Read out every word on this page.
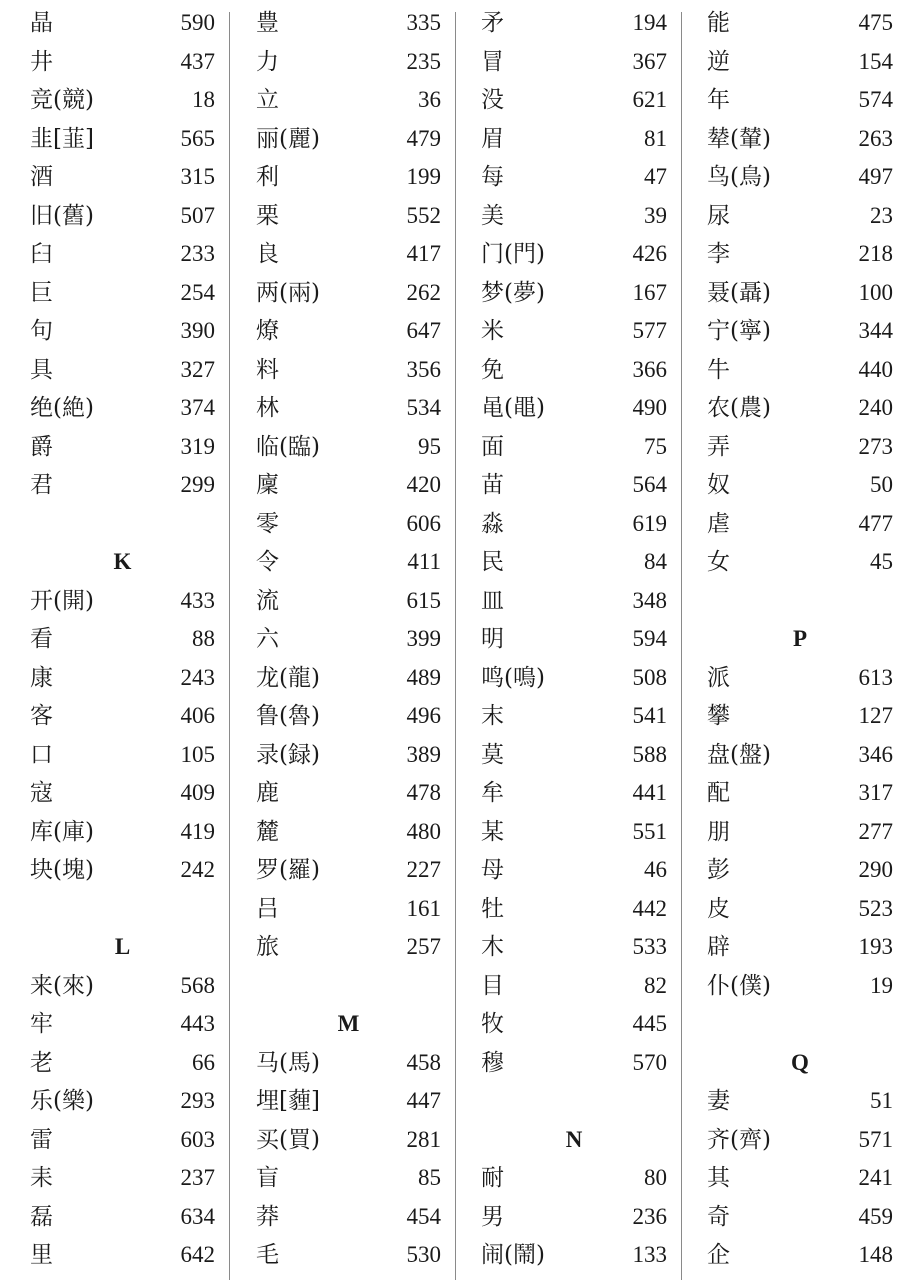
晶	590
井	437
竞(競)	18
韭[韮]	565
酒	315
旧(舊)	507
臼	233
巨	254
句	390
具	327
绝(絶)	374
爵	319
君	299
K
开(開)	433
看	88
康	243
客	406
口	105
寇	409
库(庫)	419
块(塊)	242
L
来(來)	568
牢	443
老	66
乐(樂)	293
雷	603
耒	237
磊	634
里	642
豊	335
力	235
立	36
丽(麗)	479
利	199
栗	552
良	417
两(兩)	262
燎	647
料	356
林	534
临(臨)	95
廩	420
零	606
令	411
流	615
六	399
龙(龍)	489
鲁(魯)	496
录(録)	389
鹿	478
麓	480
罗(羅)	227
吕	161
旅	257
M
马(馬)	458
埋[薶]	447
买(買)	281
盲	85
莽	454
毛	530
矛	194
冒	367
没	621
眉	81
每	47
美	39
门(門)	426
梦(夢)	167
米	577
免	366
黾(黽)	490
面	75
苗	564
淼	619
民	84
皿	348
明	594
鸣(鳴)	508
末	541
莫	588
牟	441
某	551
母	46
牡	442
木	533
目	82
牧	445
穆	570
N
耐	80
男	236
闹(鬧)	133
能	475
逆	154
年	574
辇(輦)	263
鸟(鳥)	497
尿	23
李	218
聂(聶)	100
宁(寧)	344
牛	440
农(農)	240
弄	273
奴	50
虐	477
女	45
P
派	613
攀	127
盘(盤)	346
配	317
朋	277
彭	290
皮	523
辟	193
仆(僕)	19
Q
妻	51
齐(齊)	571
其	241
奇	459
企	148
